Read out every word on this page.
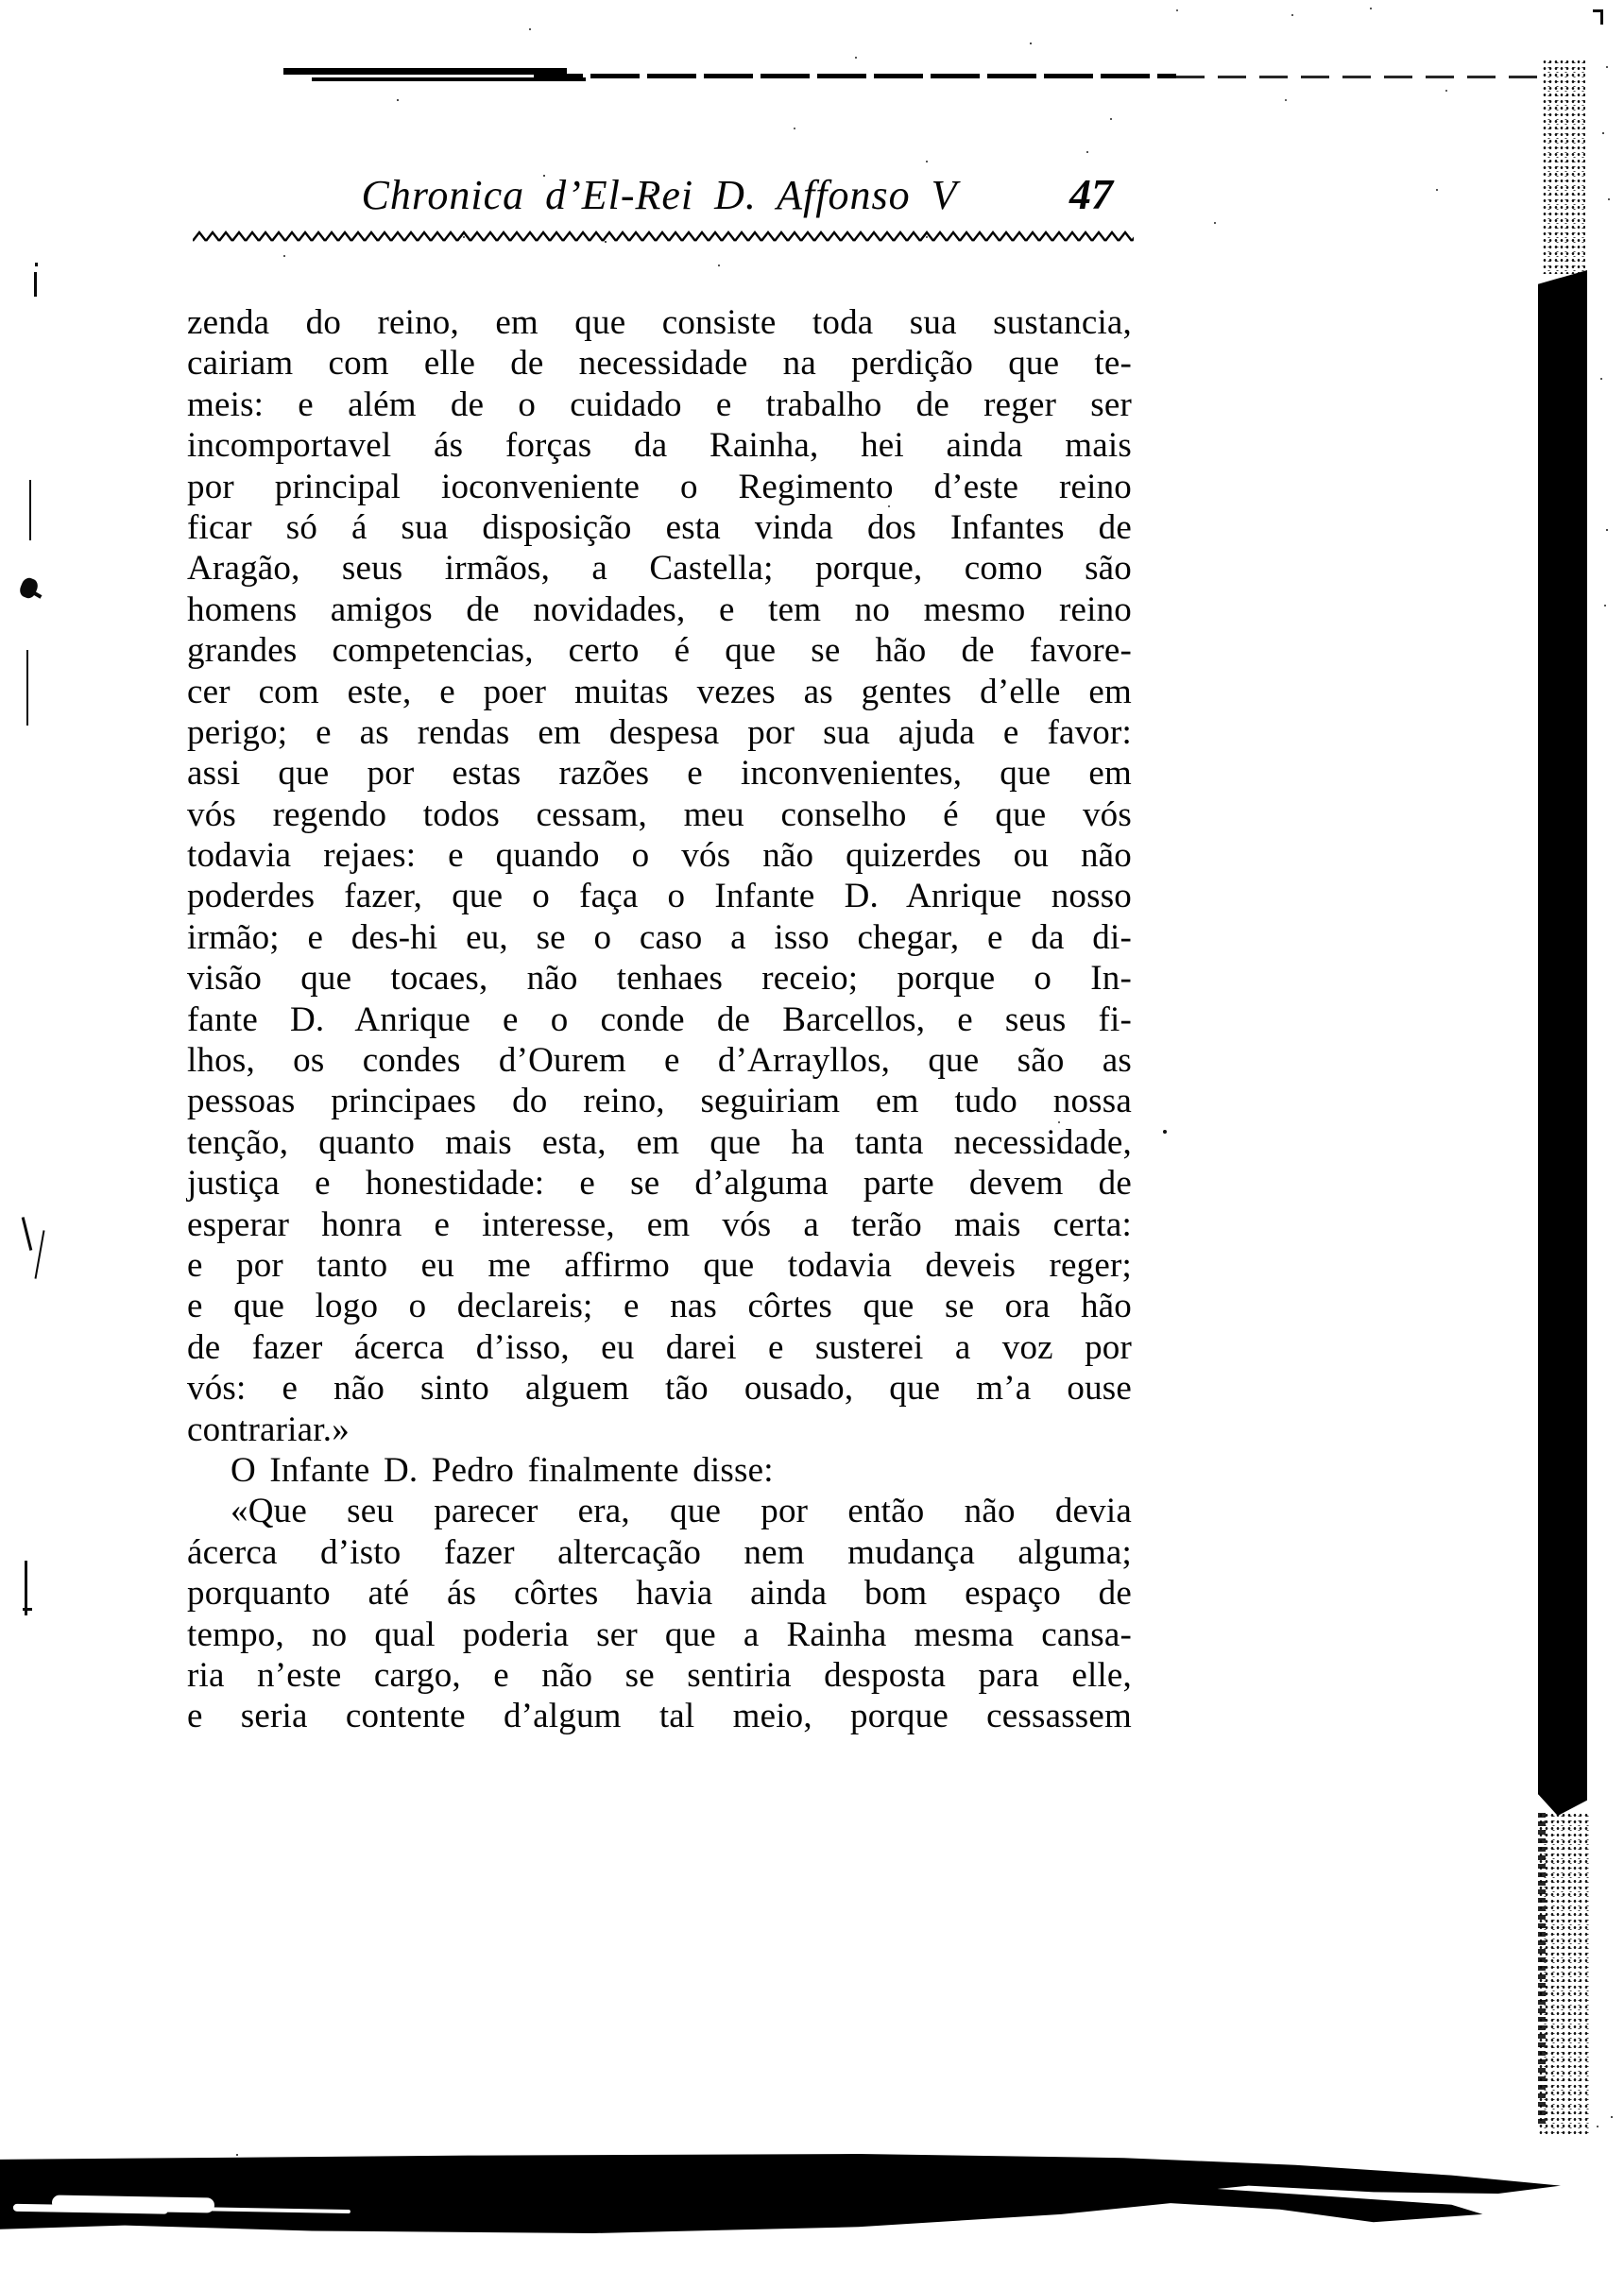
Chronica d’El-Rei D. Affonso V	47
zenda do reino, em que consiste toda sua sustancia,
cairiam com elle de necessidade na perdição que te-
meis: e além de o cuidado e trabalho de reger ser
incomportavel ás forças da Rainha, hei ainda mais
por principal ioconveniente o Regimento d’este reino
ficar só á sua disposição esta vinda dos Infantes de
Aragão, seus irmãos, a Castella; porque, como são
homens amigos de novidades, e tem no mesmo reino
grandes competencias, certo é que se hão de favore-
cer com este, e poer muitas vezes as gentes d’elle em
perigo; e as rendas em despesa por sua ajuda e favor:
assi que por estas razões e inconvenientes, que em
vós regendo todos cessam, meu conselho é que vós
todavia rejaes: e quando o vós não quizerdes ou não
poderdes fazer, que o faça o Infante D. Anrique nosso
irmão; e des-hi eu, se o caso a isso chegar, e da di-
visão que tocaes, não tenhaes receio; porque o In-
fante D. Anrique e o conde de Barcellos, e seus fi-
lhos, os condes d’Ourem e d’Arrayllos, que são as
pessoas principaes do reino, seguiriam em tudo nossa
tenção, quanto mais esta, em que ha tanta necessidade,
justiça e honestidade: e se d’alguma parte devem de
esperar honra e interesse, em vós a terão mais certa:
e por tanto eu me affirmo que todavia deveis reger;
e que logo o declareis; e nas côrtes que se ora hão
de fazer ácerca d’isso, eu darei e susterei a voz por
vós: e não sinto alguem tão ousado, que m’a ouse
contrariar.»
O Infante D. Pedro finalmente disse:
«Que seu parecer era, que por então não devia
ácerca d’isto fazer altercação nem mudança alguma;
porquanto até ás côrtes havia ainda bom espaço de
tempo, no qual poderia ser que a Rainha mesma cansa-
ria n’este cargo, e não se sentiria desposta para elle,
e seria contente d’algum tal meio, porque cessassem
